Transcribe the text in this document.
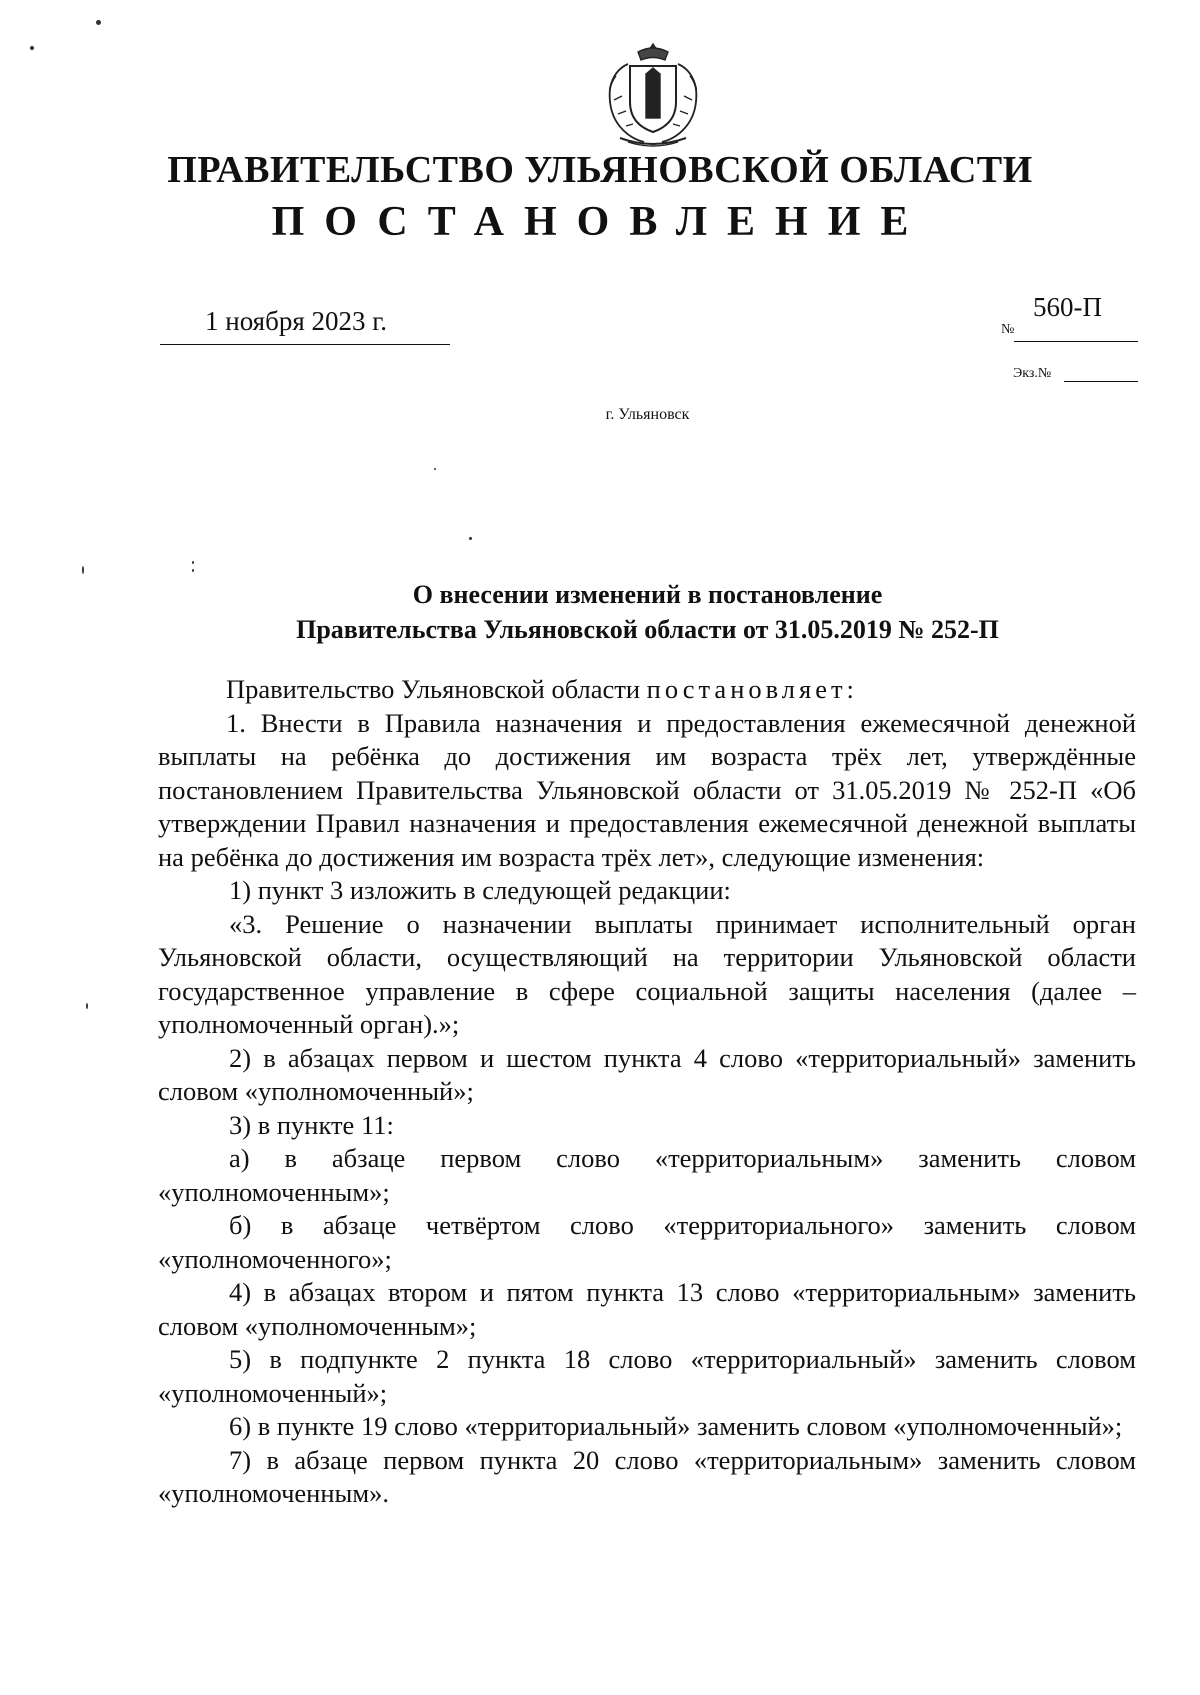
ПРАВИТЕЛЬСТВО УЛЬЯНОВСКОЙ ОБЛАСТИ
ПОСТАНОВЛЕНИЕ
1 ноября 2023 г.	№
560-П
Экз.№
г. Ульяновск
О внесении изменений в постановление
Правительства Ульяновской области от 31.05.2019 № 252-П

Правительство Ульяновской области постановляет:

1. Внести в Правила назначения и предоставления ежемесячной денежной выплаты на ребёнка до достижения им возраста трёх лет, утверждённые постановлением Правительства Ульяновской области от 31.05.2019 № 252-П «Об утверждении Правил назначения и предоставления ежемесячной денежной выплаты на ребёнка до достижения им возраста трёх лет», следующие изменения:

1) пункт 3 изложить в следующей редакции:

«3. Решение о назначении выплаты принимает исполнительный орган Ульяновской области, осуществляющий на территории Ульяновской области государственное управление в сфере социальной защиты населения (далее – уполномоченный орган).»;

2) в абзацах первом и шестом пункта 4 слово «территориальный» заменить словом «уполномоченный»;

3) в пункте 11:

а) в абзаце первом слово «территориальным» заменить словом «уполномоченным»;

б) в абзаце четвёртом слово «территориального» заменить словом «уполномоченного»;

4) в абзацах втором и пятом пункта 13 слово «территориальным» заменить словом «уполномоченным»;

5) в подпункте 2 пункта 18 слово «территориальный» заменить словом «уполномоченный»;

6) в пункте 19 слово «территориальный» заменить словом «уполномоченный»;

7) в абзаце первом пункта 20 слово «территориальным» заменить словом «уполномоченным».
